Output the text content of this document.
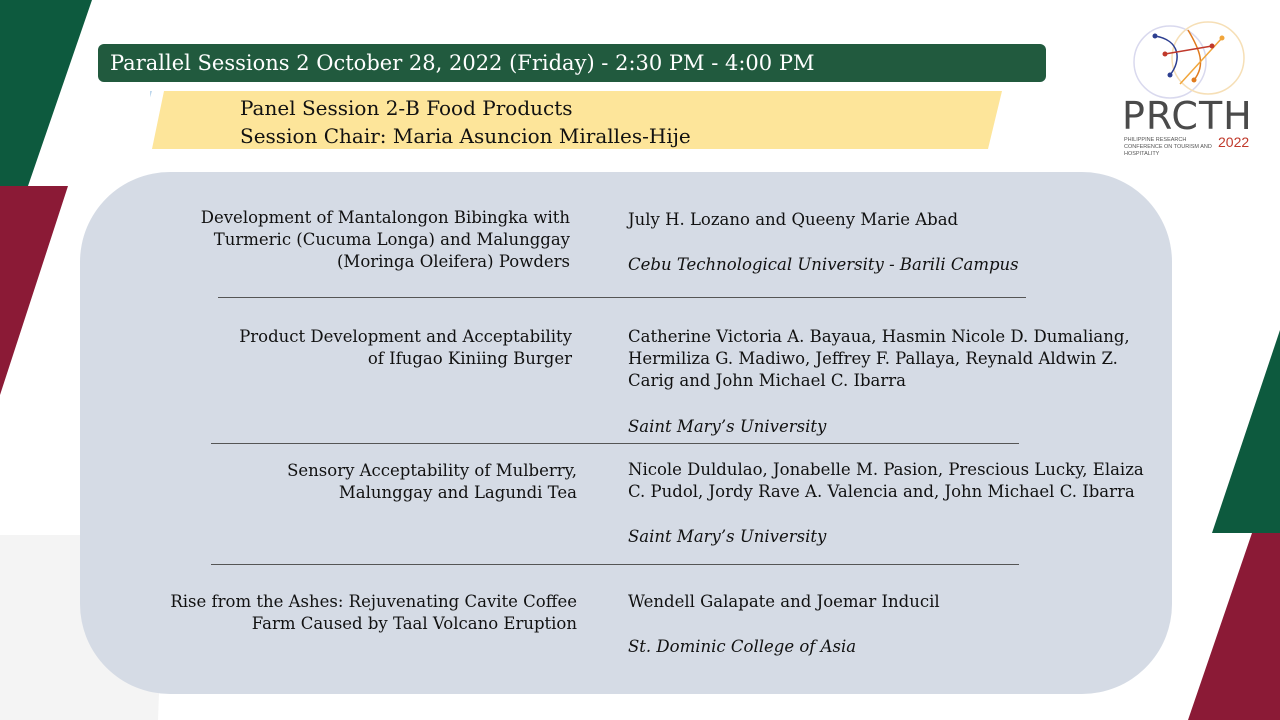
Parallel Sessions 2 October 28, 2022 (Friday) - 2:30 PM - 4:00 PM
Panel Session 2-B Food Products
Session Chair: Maria Asuncion Miralles-Hije	PRCTH
PHILIPPINE RESEARCH CONFERENCE ON TOURISM AND HOSPITALITY
2022
Development of Mantalongon Bibingka with
Turmeric (Cucuma Longa) and Malunggay
(Moringa Oleifera) Powders
July H. Lozano and Queeny Marie Abad
Cebu Technological University - Barili Campus
Product Development and Acceptability
of Ifugao Kiniing Burger
Catherine Victoria A. Bayaua, Hasmin Nicole D. Dumaliang,
Hermiliza G. Madiwo, Jeffrey F. Pallaya, Reynald Aldwin Z.
Carig and John Michael C. Ibarra
Saint Mary’s University
Sensory Acceptability of Mulberry,
Malunggay and Lagundi Tea
Nicole Duldulao, Jonabelle M. Pasion, Prescious Lucky, Elaiza
C. Pudol, Jordy Rave A. Valencia and, John Michael C. Ibarra
Saint Mary’s University
Rise from the Ashes: Rejuvenating Cavite Coffee
Farm Caused by Taal Volcano Eruption
Wendell Galapate and Joemar Inducil
St. Dominic College of Asia
